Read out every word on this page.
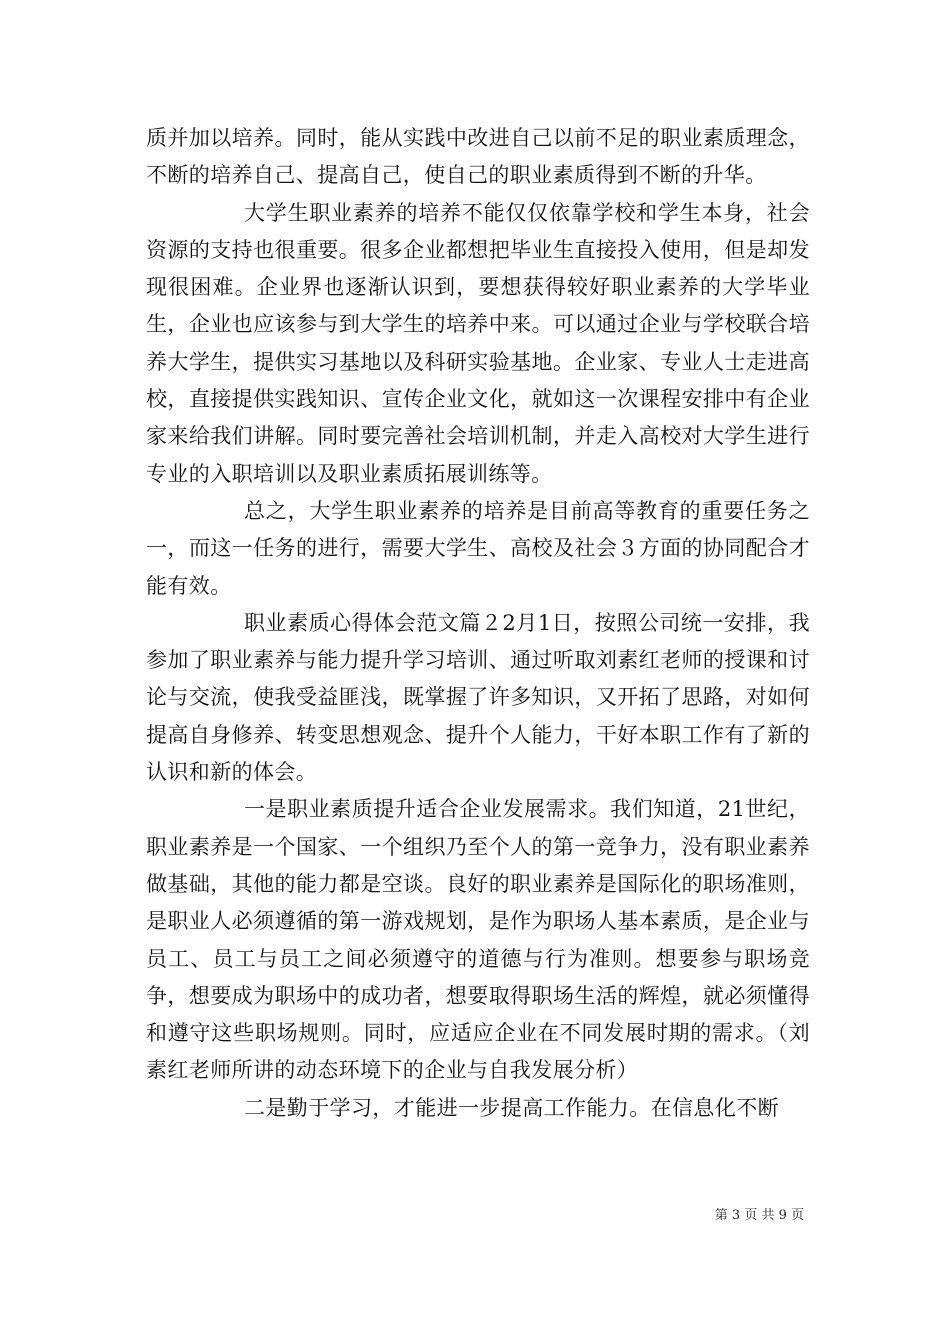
质并加以培养。同时，能从实践中改进自己以前不足的职业素质理念，不断的培养自己、提高自己，使自己的职业素质得到不断的升华。

大学生职业素养的培养不能仅仅依靠学校和学生本身，社会资源的支持也很重要。很多企业都想把毕业生直接投入使用，但是却发现很困难。企业界也逐渐认识到，要想获得较好职业素养的大学毕业生，企业也应该参与到大学生的培养中来。可以通过企业与学校联合培养大学生，提供实习基地以及科研实验基地。企业家、专业人士走进高校，直接提供实践知识、宣传企业文化，就如这一次课程安排中有企业家来给我们讲解。同时要完善社会培训机制，并走入高校对大学生进行专业的入职培训以及职业素质拓展训练等。

总之，大学生职业素养的培养是目前高等教育的重要任务之一，而这一任务的进行，需要大学生、高校及社会３方面的协同配合才能有效。

职业素质心得体会范文篇２2月1日，按照公司统一安排，我参加了职业素养与能力提升学习培训、通过听取刘素红老师的授课和讨论与交流，使我受益匪浅，既掌握了许多知识，又开拓了思路，对如何提高自身修养、转变思想观念、提升个人能力，干好本职工作有了新的认识和新的体会。

一是职业素质提升适合企业发展需求。我们知道，21世纪，职业素养是一个国家、一个组织乃至个人的第一竞争力，没有职业素养做基础，其他的能力都是空谈。良好的职业素养是国际化的职场准则，是职业人必须遵循的第一游戏规划，是作为职场人基本素质，是企业与员工、员工与员工之间必须遵守的道德与行为准则。想要参与职场竞争，想要成为职场中的成功者，想要取得职场生活的辉煌，就必须懂得和遵守这些职场规则。同时，应适应企业在不同发展时期的需求。（刘素红老师所讲的动态环境下的企业与自我发展分析）

二是勤于学习，才能进一步提高工作能力。在信息化不断

第 3 页 共 9 页
